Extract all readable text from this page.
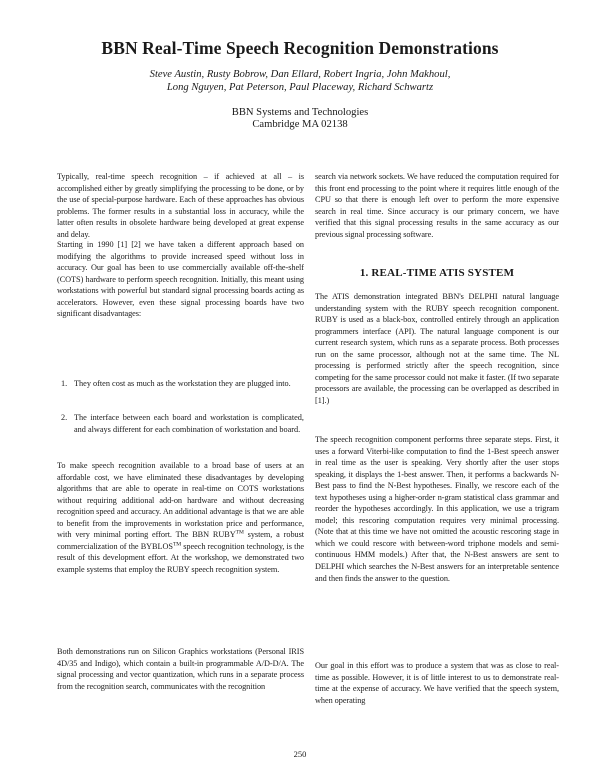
BBN Real-Time Speech Recognition Demonstrations
Steve Austin, Rusty Bobrow, Dan Ellard, Robert Ingria, John Makhoul,
Long Nguyen, Pat Peterson, Paul Placeway, Richard Schwartz
BBN Systems and Technologies
Cambridge MA 02138

Typically, real-time speech recognition – if achieved at all – is accomplished either by greatly simplifying the processing to be done, or by the use of special-purpose hardware. Each of these approaches has obvious problems. The former results in a substantial loss in accuracy, while the latter often results in obsolete hardware being developed at great expense and delay.

Starting in 1990 [1] [2] we have taken a different approach based on modifying the algorithms to provide increased speed without loss in accuracy. Our goal has been to use commercially available off-the-shelf (COTS) hardware to perform speech recognition. Initially, this meant using workstations with powerful but standard signal processing boards acting as accelerators. However, even these signal processing boards have two significant disadvantages:

1. They often cost as much as the workstation they are plugged into.
2. The interface between each board and workstation is complicated, and always different for each combination of workstation and board.

To make speech recognition available to a broad base of users at an affordable cost, we have eliminated these disadvantages by developing algorithms that are able to operate in real-time on COTS workstations without requiring additional add-on hardware and without decreasing recognition speed and accuracy. An additional advantage is that we are able to benefit from the improvements in workstation price and performance, with very minimal porting effort. The BBN RUBY™ system, a robust commercialization of the BYBLOS™ speech recognition technology, is the result of this development effort. At the workshop, we demonstrated two example systems that employ the RUBY speech recognition system.

Both demonstrations run on Silicon Graphics workstations (Personal IRIS 4D/35 and Indigo), which contain a built-in programmable A/D-D/A. The signal processing and vector quantization, which runs in a separate process from the recognition search, communicates with the recognition

search via network sockets. We have reduced the computation required for this front end processing to the point where it requires little enough of the CPU so that there is enough left over to perform the more expensive search in real time. Since accuracy is our primary concern, we have verified that this signal processing results in the same accuracy as our previous signal processing software.

1. REAL-TIME ATIS SYSTEM

The ATIS demonstration integrated BBN's DELPHI natural language understanding system with the RUBY speech recognition component. RUBY is used as a black-box, controlled entirely through an application programmers interface (API). The natural language component is our current research system, which runs as a separate process. Both processes run on the same processor, although not at the same time. The NL processing is performed strictly after the speech recognition, since competing for the same processor could not make it faster. (If two separate processors are available, the processing can be overlapped as described in [1].)

The speech recognition component performs three separate steps. First, it uses a forward Viterbi-like computation to find the 1-Best speech answer in real time as the user is speaking. Very shortly after the user stops speaking, it displays the 1-best answer. Then, it performs a backwards N-Best pass to find the N-Best hypotheses. Finally, we rescore each of the text hypotheses using a higher-order n-gram statistical class grammar and reorder the hypotheses accordingly. In this application, we use a trigram model; this rescoring computation requires very minimal processing. (Note that at this time we have not omitted the acoustic rescoring stage in which we could rescore with between-word triphone models and semi-continuous HMM models.) After that, the N-Best answers are sent to DELPHI which searches the N-Best answers for an interpretable sentence and then finds the answer to the question.

Our goal in this effort was to produce a system that was as close to real-time as possible. However, it is of little interest to us to demonstrate real-time at the expense of accuracy. We have verified that the speech system, when operating

250
